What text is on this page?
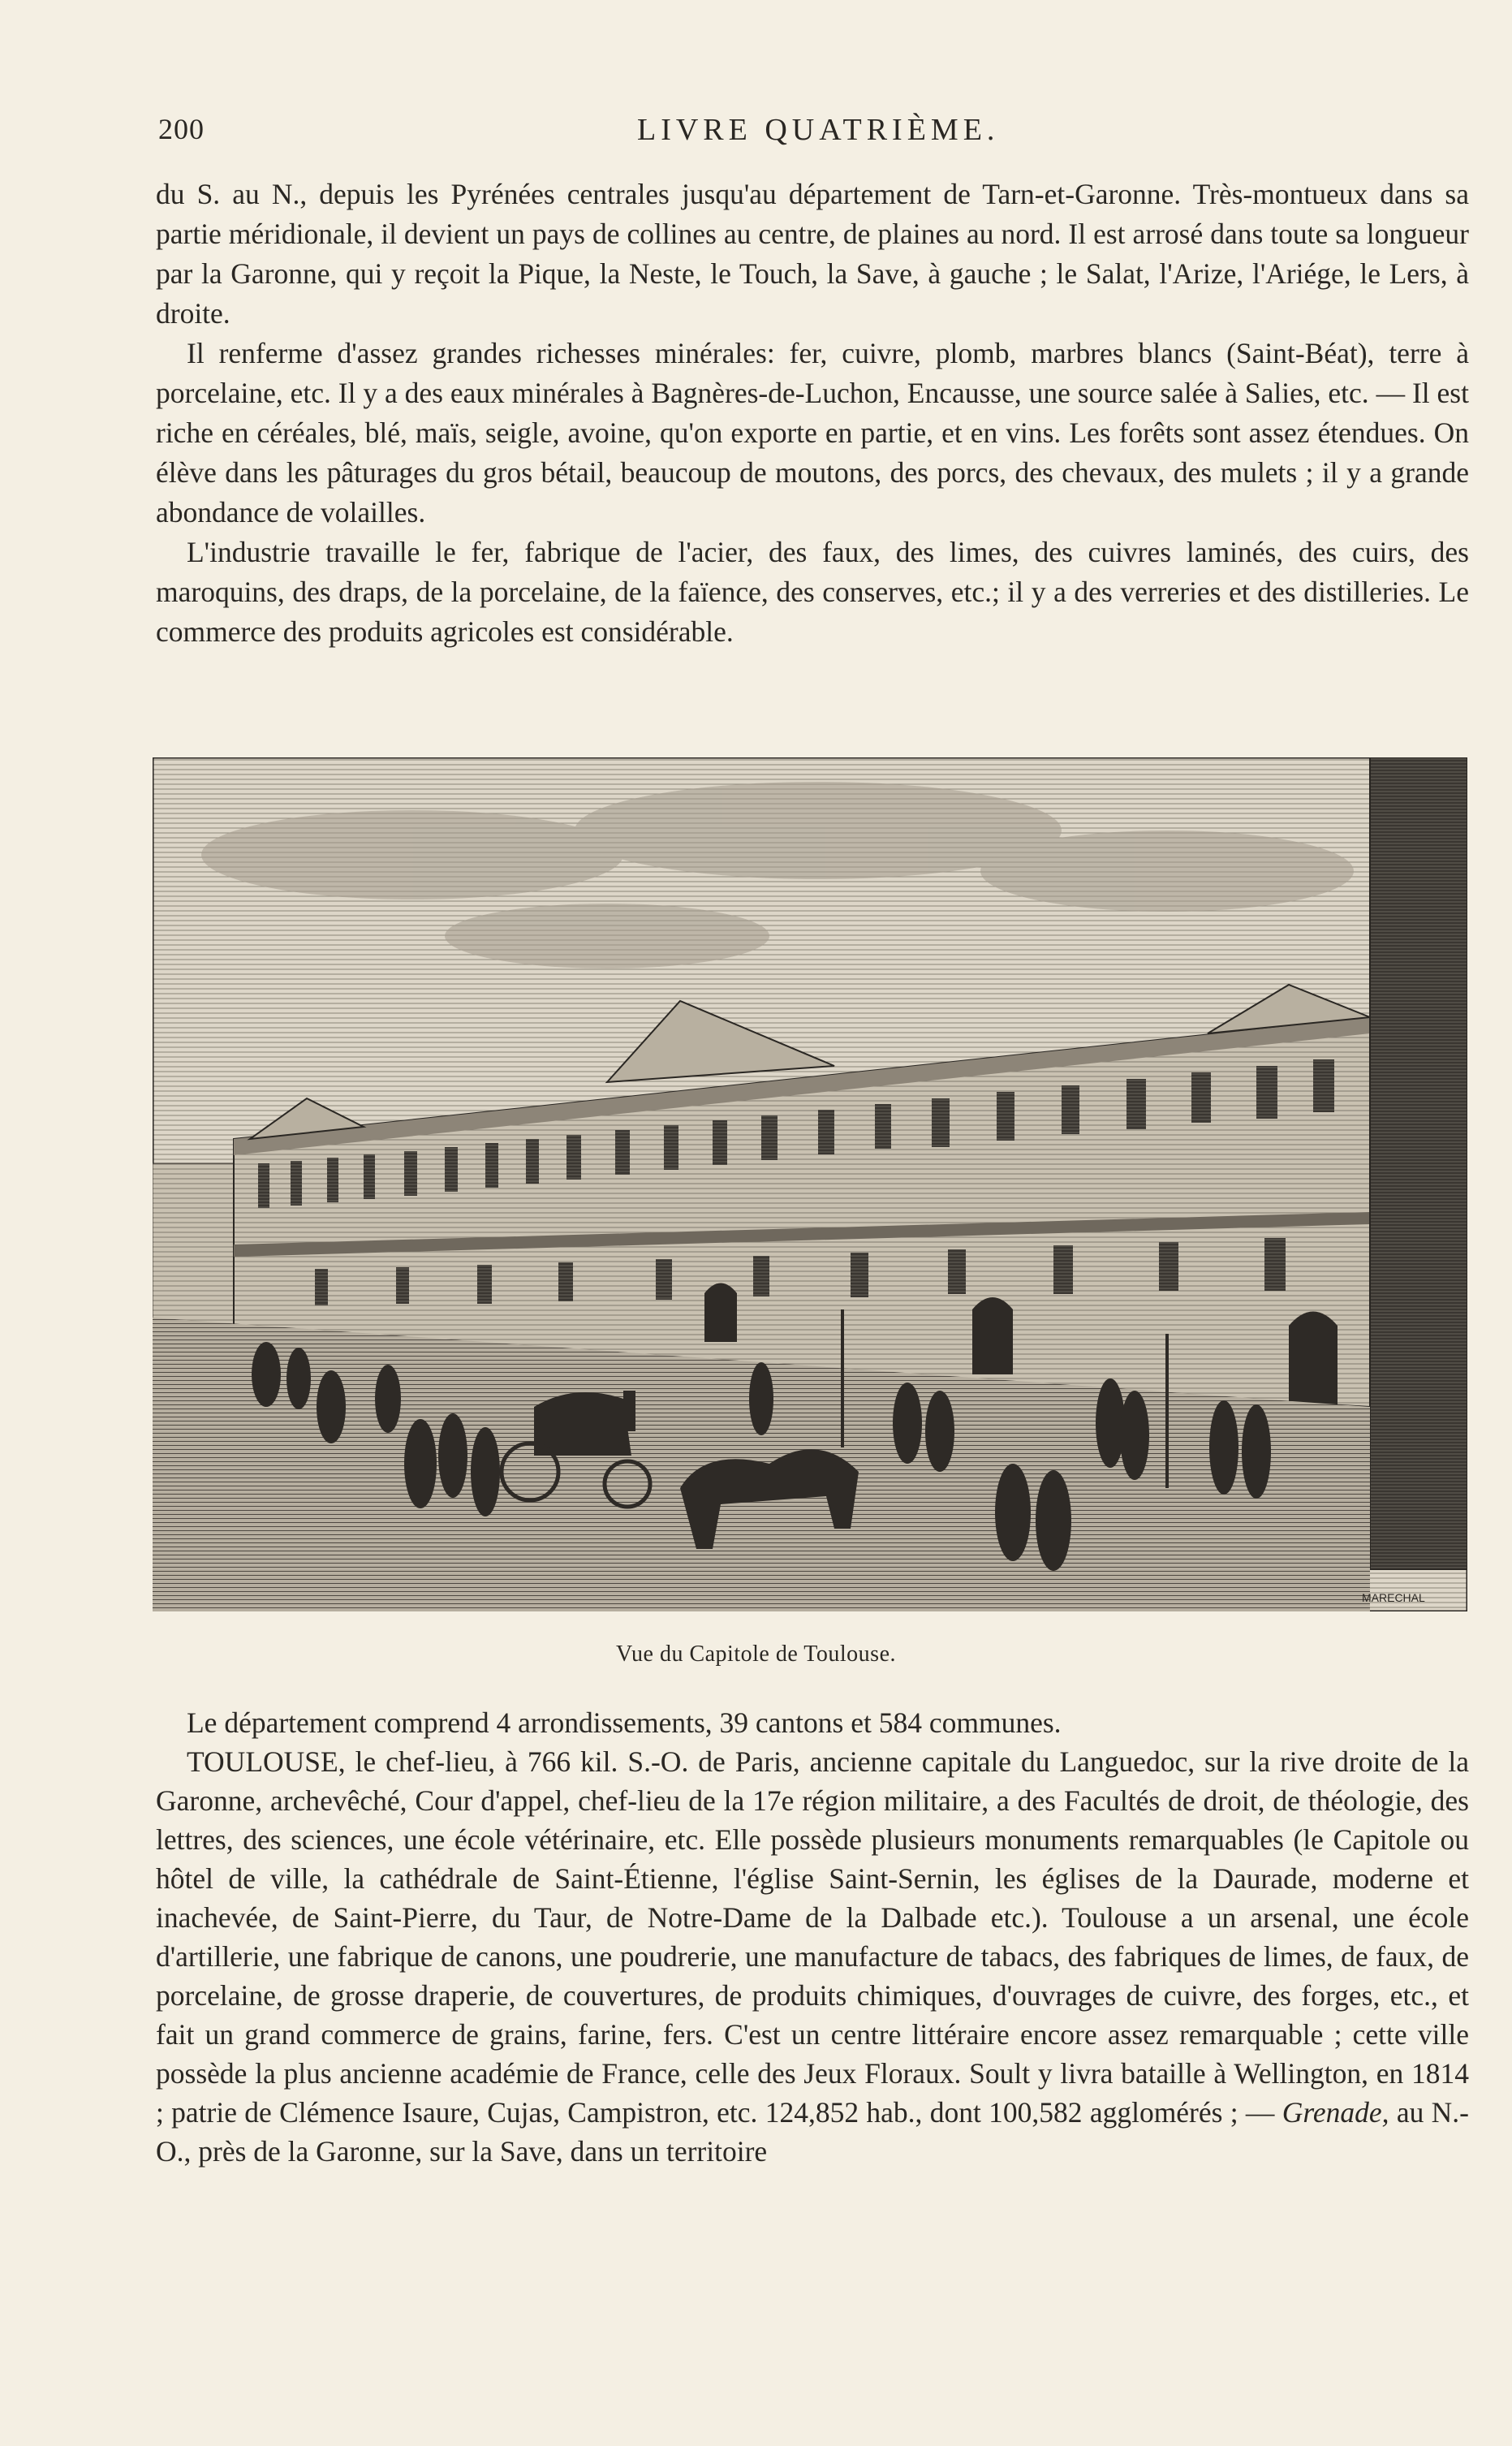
200	LIVRE QUATRIÈME.

du S. au N., depuis les Pyrénées centrales jusqu'au département de Tarn-et-Garonne. Très-montueux dans sa partie méridionale, il devient un pays de collines au centre, de plaines au nord. Il est arrosé dans toute sa longueur par la Garonne, qui y reçoit la Pique, la Neste, le Touch, la Save, à gauche ; le Salat, l'Arize, l'Ariége, le Lers, à droite.

Il renferme d'assez grandes richesses minérales: fer, cuivre, plomb, marbres blancs (Saint-Béat), terre à porcelaine, etc. Il y a des eaux minérales à Bagnères-de-Luchon, Encausse, une source salée à Salies, etc. — Il est riche en céréales, blé, maïs, seigle, avoine, qu'on exporte en partie, et en vins. Les forêts sont assez étendues. On élève dans les pâturages du gros bétail, beaucoup de moutons, des porcs, des chevaux, des mulets ; il y a grande abondance de volailles.

L'industrie travaille le fer, fabrique de l'acier, des faux, des limes, des cuivres laminés, des cuirs, des maroquins, des draps, de la porcelaine, de la faïence, des conserves, etc.; il y a des verreries et des distilleries. Le commerce des produits agricoles est considérable.

MARECHAL
Vue du Capitole de Toulouse.

Le département comprend 4 arrondissements, 39 cantons et 584 communes.

TOULOUSE, le chef-lieu, à 766 kil. S.-O. de Paris, ancienne capitale du Languedoc, sur la rive droite de la Garonne, archevêché, Cour d'appel, chef-lieu de la 17e région militaire, a des Facultés de droit, de théologie, des lettres, des sciences, une école vétérinaire, etc. Elle possède plusieurs monuments remarquables (le Capitole ou hôtel de ville, la cathédrale de Saint-Étienne, l'église Saint-Sernin, les églises de la Daurade, moderne et inachevée, de Saint-Pierre, du Taur, de Notre-Dame de la Dalbade etc.). Toulouse a un arsenal, une école d'artillerie, une fabrique de canons, une poudrerie, une manufacture de tabacs, des fabriques de limes, de faux, de porcelaine, de grosse draperie, de couvertures, de produits chimiques, d'ouvrages de cuivre, des forges, etc., et fait un grand commerce de grains, farine, fers. C'est un centre littéraire encore assez remarquable ; cette ville possède la plus ancienne académie de France, celle des Jeux Floraux. Soult y livra bataille à Wellington, en 1814 ; patrie de Clémence Isaure, Cujas, Campistron, etc. 124,852 hab., dont 100,582 agglomérés ; — Grenade, au N.-O., près de la Garonne, sur la Save, dans un territoire
